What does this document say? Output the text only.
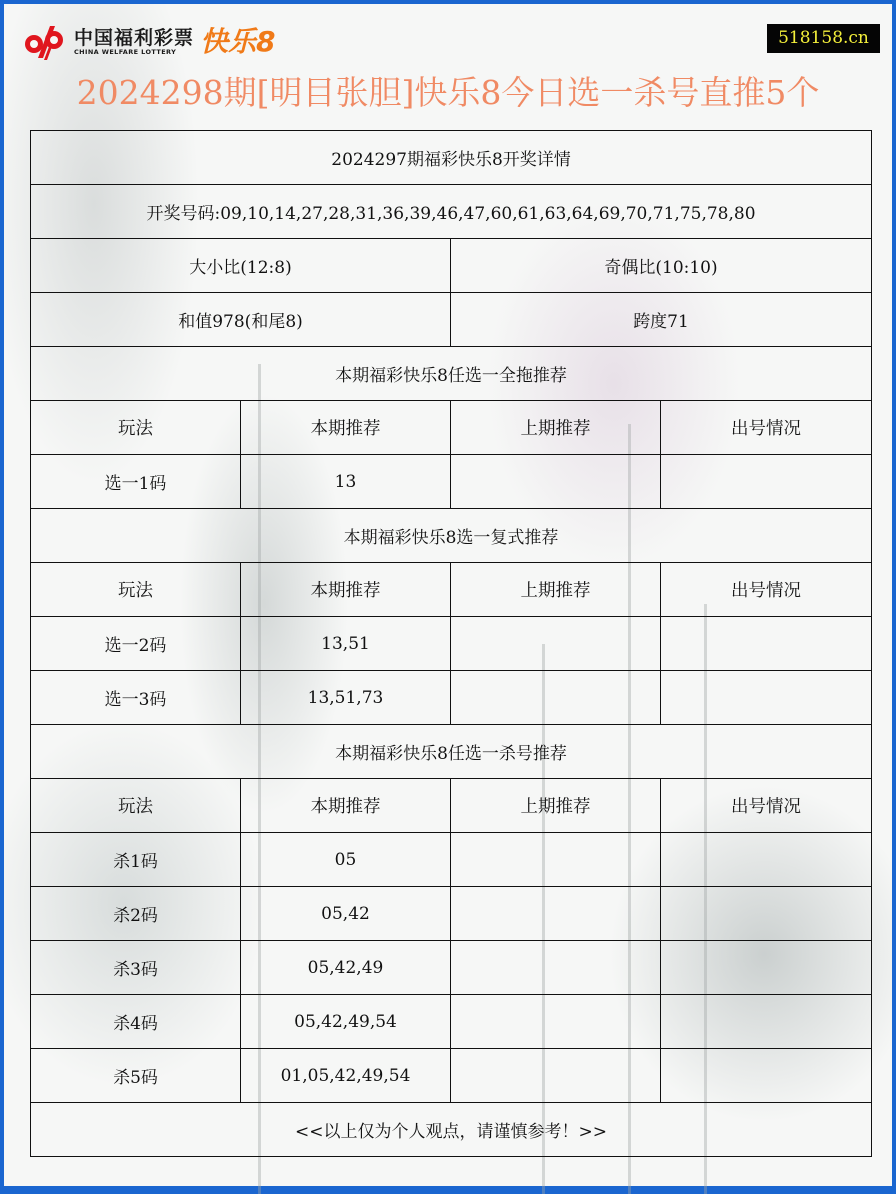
中国福利彩票
CHINA WELFARE LOTTERY 快乐8	518158.cn
2024298期[明目张胆]快乐8今日选一杀号直推5个
2024297期福彩快乐8开奖详情			
开奖号码:09,10,14,27,28,31,36,39,46,47,60,61,63,64,69,70,71,75,78,80			
大小比(12:8)		奇偶比(10:10)	
和值978(和尾8)		跨度71	
本期福彩快乐8任选一全拖推荐			
玩法	本期推荐	上期推荐	出号情况
选一1码	13		
本期福彩快乐8选一复式推荐			
玩法	本期推荐	上期推荐	出号情况
选一2码	13,51		
选一3码	13,51,73		
本期福彩快乐8任选一杀号推荐			
玩法	本期推荐	上期推荐	出号情况
杀1码	05		
杀2码	05,42		
杀3码	05,42,49		
杀4码	05,42,49,54		
杀5码	01,05,42,49,54		
<<以上仅为个人观点，请谨慎参考！>>			
